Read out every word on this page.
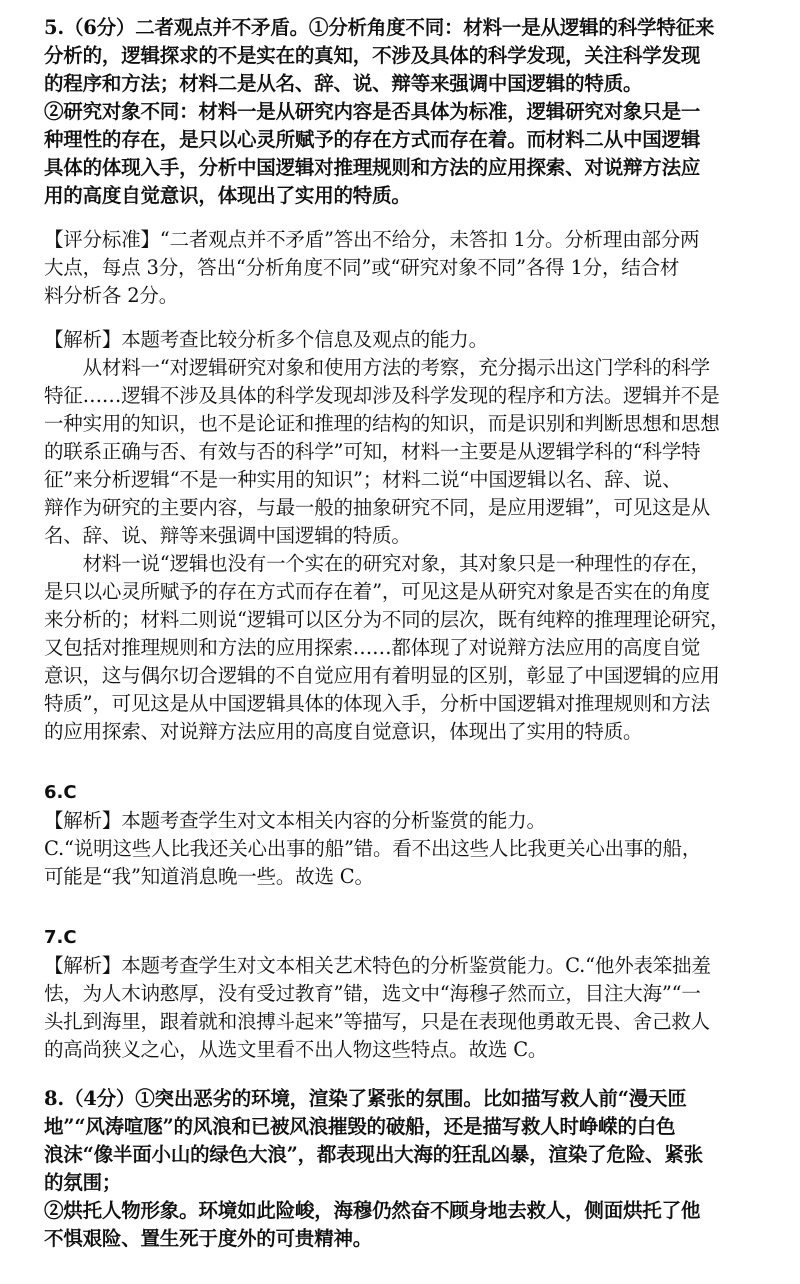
5.（6分）二者观点并不矛盾。①分析角度不同：材料一是从逻辑的科学特征来
分析的，逻辑探求的不是实在的真知，不涉及具体的科学发现，关注科学发现
的程序和方法；材料二是从名、辞、说、辩等来强调中国逻辑的特质。
②研究对象不同：材料一是从研究内容是否具体为标准，逻辑研究对象只是一
种理性的存在，是只以心灵所赋予的存在方式而存在着。而材料二从中国逻辑
具体的体现入手，分析中国逻辑对推理规则和方法的应用探索、对说辩方法应
用的高度自觉意识，体现出了实用的特质。
【评分标准】“二者观点并不矛盾”答出不给分，未答扣 1分。分析理由部分两
大点，每点 3分，答出“分析角度不同”或“研究对象不同”各得 1分，结合材
料分析各 2分。
【解析】本题考查比较分析多个信息及观点的能力。
　　从材料一“对逻辑研究对象和使用方法的考察，充分揭示出这门学科的科学
特征……逻辑不涉及具体的科学发现却涉及科学发现的程序和方法。逻辑并不是
一种实用的知识，也不是论证和推理的结构的知识，而是识别和判断思想和思想
的联系正确与否、有效与否的科学”可知，材料一主要是从逻辑学科的“科学特
征”来分析逻辑“不是一种实用的知识”；材料二说“中国逻辑以名、辞、说、
辩作为研究的主要内容，与最一般的抽象研究不同，是应用逻辑”，可见这是从
名、辞、说、辩等来强调中国逻辑的特质。
　　材料一说“逻辑也没有一个实在的研究对象，其对象只是一种理性的存在，
是只以心灵所赋予的存在方式而存在着”，可见这是从研究对象是否实在的角度
来分析的；材料二则说“逻辑可以区分为不同的层次，既有纯粹的推理理论研究，
又包括对推理规则和方法的应用探索……都体现了对说辩方法应用的高度自觉
意识，这与偶尔切合逻辑的不自觉应用有着明显的区别，彰显了中国逻辑的应用
特质”，可见这是从中国逻辑具体的体现入手，分析中国逻辑对推理规则和方法
的应用探索、对说辩方法应用的高度自觉意识，体现出了实用的特质。
6.C
【解析】本题考查学生对文本相关内容的分析鉴赏的能力。
C.“说明这些人比我还关心出事的船”错。看不出这些人比我更关心出事的船，
可能是“我”知道消息晚一些。故选 C。
7.C
【解析】本题考查学生对文本相关艺术特色的分析鉴赏能力。C.“他外表笨拙羞
怯，为人木讷憨厚，没有受过教育”错，选文中“海穆孑然而立，目注大海”“一
头扎到海里，跟着就和浪搏斗起来”等描写，只是在表现他勇敢无畏、舍己救人
的高尚狭义之心，从选文里看不出人物这些特点。故选 C。
8.（4分）①突出恶劣的环境，渲染了紧张的氛围。比如描写救人前“漫天匝
地”“风涛喧豗”的风浪和已被风浪摧毁的破船，还是描写救人时峥嵘的白色
浪沫“像半面小山的绿色大浪”，都表现出大海的狂乱凶暴，渲染了危险、紧张
的氛围；
②烘托人物形象。环境如此险峻，海穆仍然奋不顾身地去救人，侧面烘托了他
不惧艰险、置生死于度外的可贵精神。
